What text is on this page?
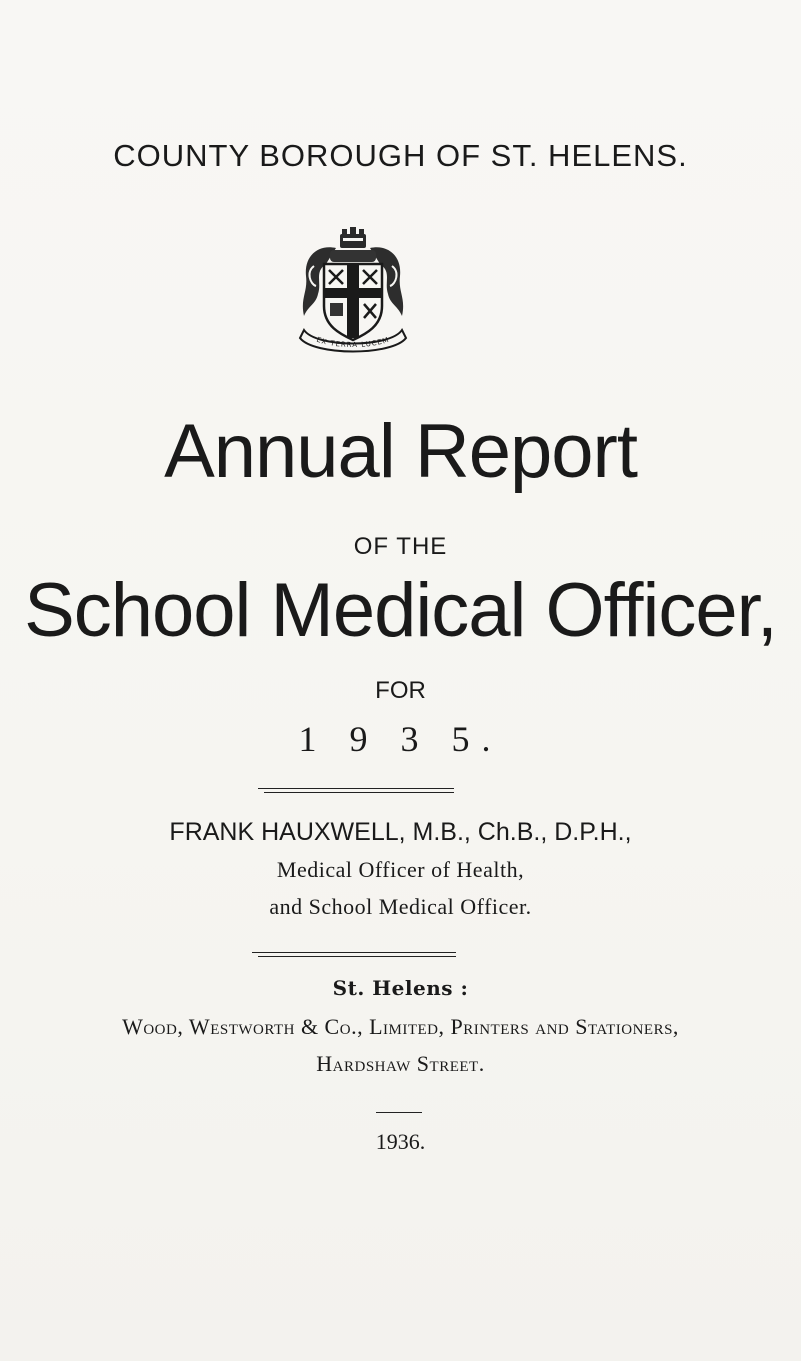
COUNTY BOROUGH OF ST. HELENS.
EX TERRA LUCEM
Annual Report
OF THE
School Medical Officer,
FOR
1 9 3 5.
FRANK HAUXWELL, M.B., Ch.B., D.P.H.,
Medical Officer of Health,
and School Medical Officer.
St. Helens :
Wood, Westworth & Co., Limited, Printers and Stationers,
Hardshaw Street.
1936.
